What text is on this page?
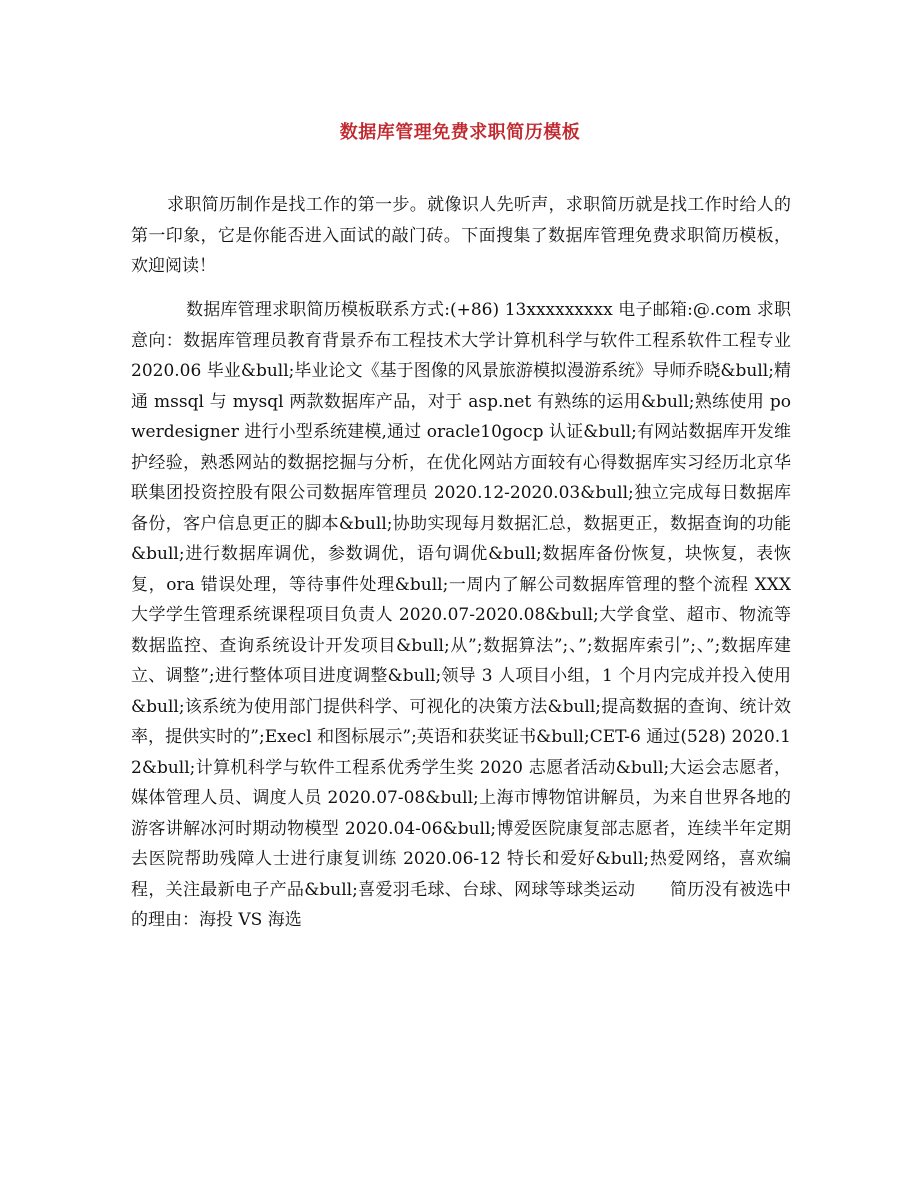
数据库管理免费求职简历模板
求职简历制作是找工作的第一步。就像识人先听声，求职简历就是找工作时给人的第一印象，它是你能否进入面试的敲门砖。下面搜集了数据库管理免费求职简历模板，欢迎阅读！
数据库管理求职简历模板联系方式:(+86) 13xxxxxxxxx 电子邮箱:@.com 求职意向：数据库管理员教育背景乔布工程技术大学计算机科学与软件工程系软件工程专业 2020.06 毕业&bull;毕业论文《基于图像的风景旅游模拟漫游系统》导师乔晓&bull;精通 mssql 与 mysql 两款数据库产品，对于 asp.net 有熟练的运用&bull;熟练使用 powerdesigner 进行小型系统建模,通过 oracle10gocp 认证&bull;有网站数据库开发维护经验，熟悉网站的数据挖掘与分析，在优化网站方面较有心得数据库实习经历北京华联集团投资控股有限公司数据库管理员 2020.12-2020.03&bull;独立完成每日数据库备份，客户信息更正的脚本&bull;协助实现每月数据汇总，数据更正，数据查询的功能&bull;进行数据库调优，参数调优，语句调优&bull;数据库备份恢复，块恢复，表恢复，ora 错误处理，等待事件处理&bull;一周内了解公司数据库管理的整个流程 XXX 大学学生管理系统课程项目负责人 2020.07-2020.08&bull;大学食堂、超市、物流等数据监控、查询系统设计开发项目&bull;从”;数据算法”;、”;数据库索引”;、”;数据库建立、调整”;进行整体项目进度调整&bull;领导 3 人项目小组，1 个月内完成并投入使用&bull;该系统为使用部门提供科学、可视化的决策方法&bull;提高数据的查询、统计效率，提供实时的”;Execl 和图标展示”;英语和获奖证书&bull;CET-6 通过(528) 2020.12&bull;计算机科学与软件工程系优秀学生奖 2020 志愿者活动&bull;大运会志愿者，媒体管理人员、调度人员 2020.07-08&bull;上海市博物馆讲解员，为来自世界各地的游客讲解冰河时期动物模型 2020.04-06&bull;博爱医院康复部志愿者，连续半年定期去医院帮助残障人士进行康复训练 2020.06-12 特长和爱好&bull;热爱网络，喜欢编程，关注最新电子产品&bull;喜爱羽毛球、台球、网球等球类运动　　简历没有被选中的理由：海投 VS 海选
